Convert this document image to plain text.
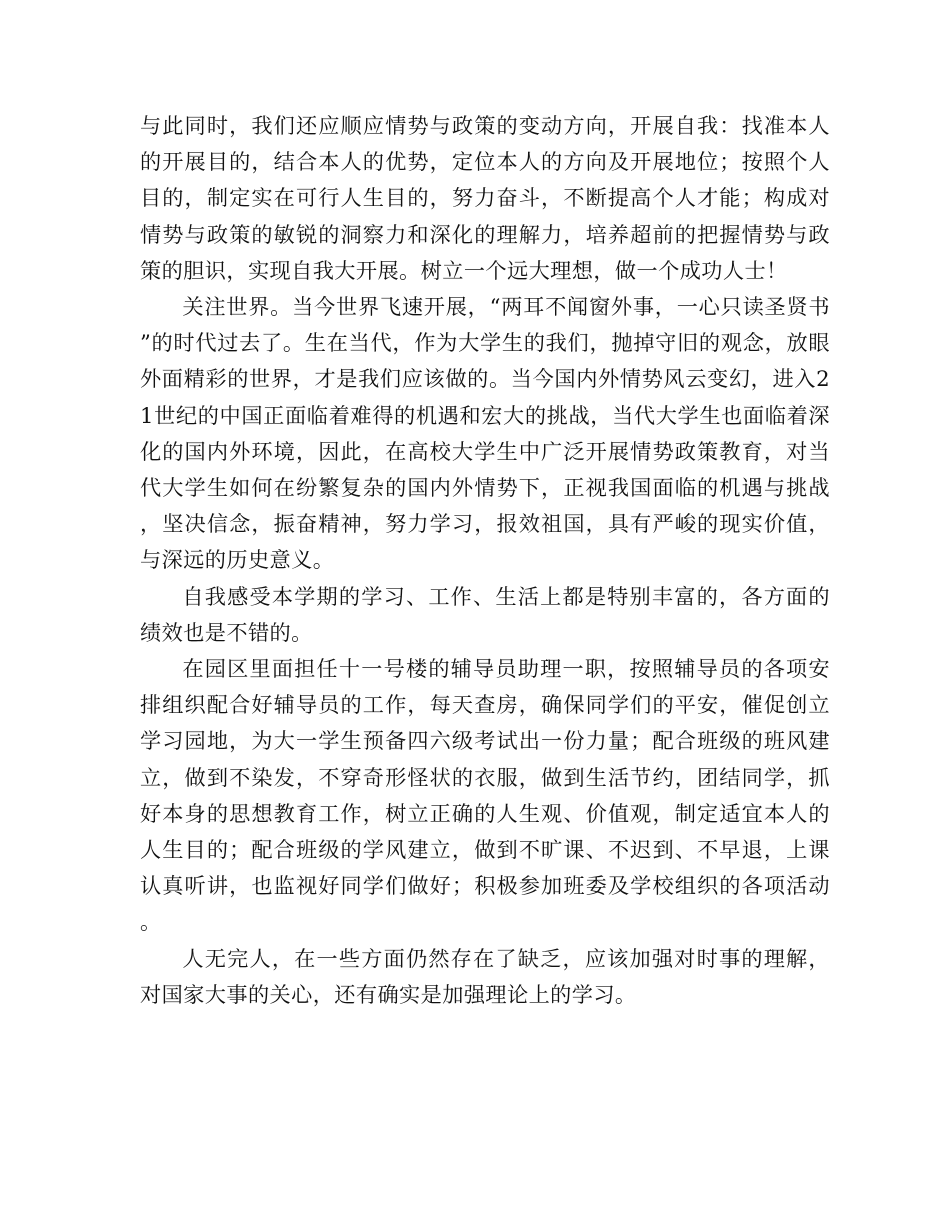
与此同时，我们还应顺应情势与政策的变动方向，开展自我：找准本人的开展目的，结合本人的优势，定位本人的方向及开展地位；按照个人目的，制定实在可行人生目的，努力奋斗，不断提高个人才能；构成对情势与政策的敏锐的洞察力和深化的理解力，培养超前的把握情势与政策的胆识，实现自我大开展。树立一个远大理想，做一个成功人士！

关注世界。当今世界飞速开展，“两耳不闻窗外事，一心只读圣贤书”的时代过去了。生在当代，作为大学生的我们，抛掉守旧的观念，放眼外面精彩的世界，才是我们应该做的。当今国内外情势风云变幻，进入21世纪的中国正面临着难得的机遇和宏大的挑战，当代大学生也面临着深化的国内外环境，因此，在高校大学生中广泛开展情势政策教育，对当代大学生如何在纷繁复杂的国内外情势下，正视我国面临的机遇与挑战，坚决信念，振奋精神，努力学习，报效祖国，具有严峻的现实价值，与深远的历史意义。

自我感受本学期的学习、工作、生活上都是特别丰富的，各方面的绩效也是不错的。

在园区里面担任十一号楼的辅导员助理一职，按照辅导员的各项安排组织配合好辅导员的工作，每天查房，确保同学们的平安，催促创立学习园地，为大一学生预备四六级考试出一份力量；配合班级的班风建立，做到不染发，不穿奇形怪状的衣服，做到生活节约，团结同学，抓好本身的思想教育工作，树立正确的人生观、价值观，制定适宜本人的人生目的；配合班级的学风建立，做到不旷课、不迟到、不早退，上课认真听讲，也监视好同学们做好；积极参加班委及学校组织的各项活动。

人无完人，在一些方面仍然存在了缺乏，应该加强对时事的理解，对国家大事的关心，还有确实是加强理论上的学习。
